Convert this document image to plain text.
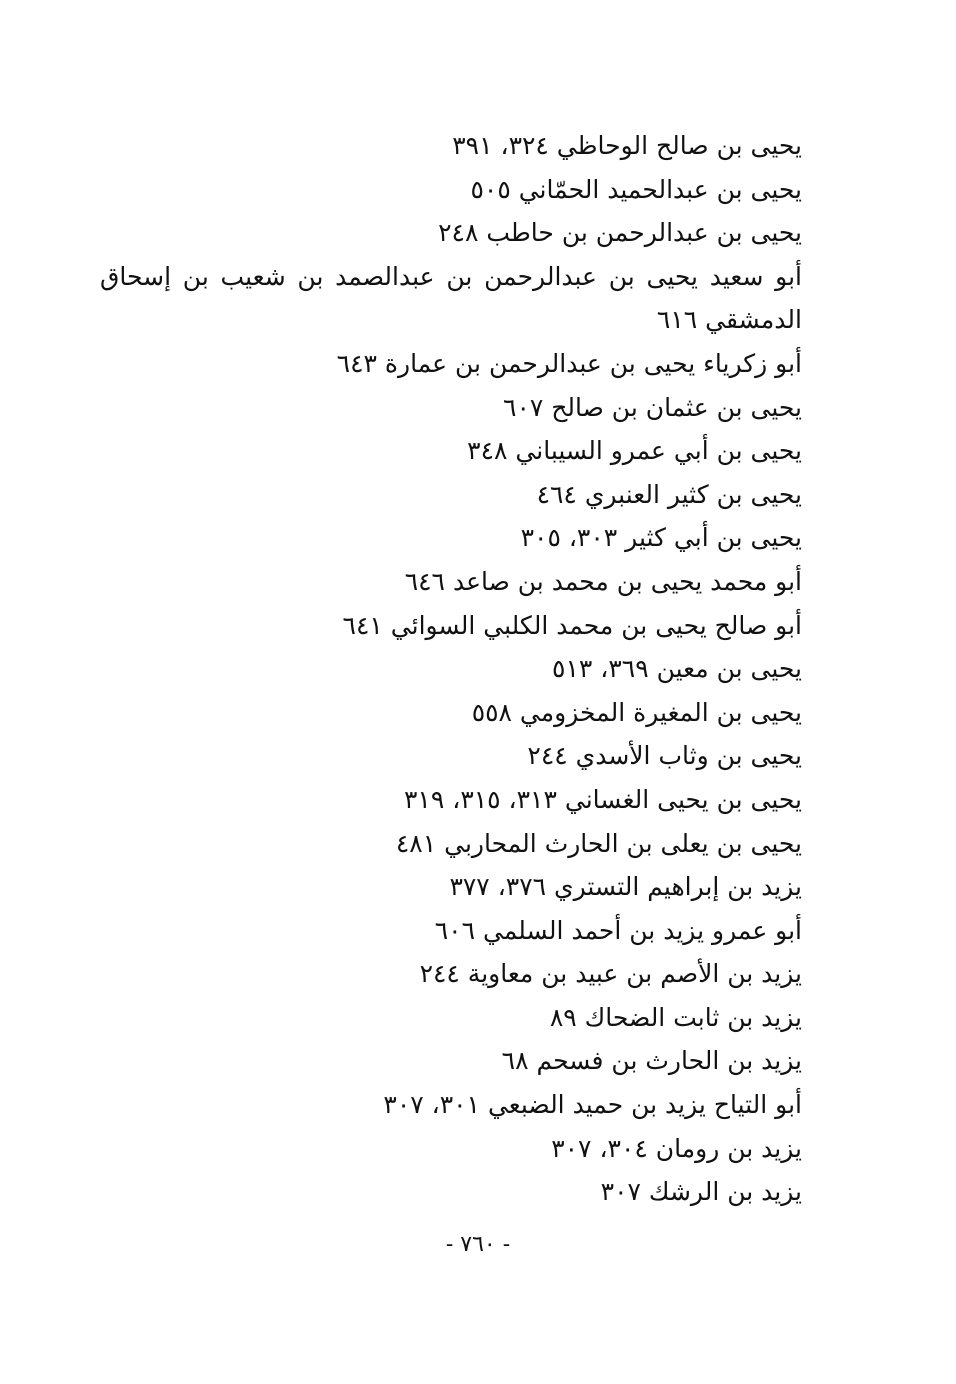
يحيى بن صالح الوحاظي ٣٢٤، ٣٩١
يحيى بن عبدالحميد الحمّاني ٥٠٥
يحيى بن عبدالرحمن بن حاطب ٢٤٨
أبو سعيد يحيى بن عبدالرحمن بن عبدالصمد بن شعيب بن إسحاق
الدمشقي ٦١٦
أبو زكرياء يحيى بن عبدالرحمن بن عمارة ٦٤٣
يحيى بن عثمان بن صالح ٦٠٧
يحيى بن أبي عمرو السيباني ٣٤٨
يحيى بن كثير العنبري ٤٦٤
يحيى بن أبي كثير ٣٠٣، ٣٠٥
أبو محمد يحيى بن محمد بن صاعد ٦٤٦
أبو صالح يحيى بن محمد الكلبي السوائي ٦٤١
يحيى بن معين ٣٦٩، ٥١٣
يحيى بن المغيرة المخزومي ٥٥٨
يحيى بن وثاب الأسدي ٢٤٤
يحيى بن يحيى الغساني ٣١٣، ٣١٥، ٣١٩
يحيى بن يعلى بن الحارث المحاربي ٤٨١
يزيد بن إبراهيم التستري ٣٧٦، ٣٧٧
أبو عمرو يزيد بن أحمد السلمي ٦٠٦
يزيد بن الأصم بن عبيد بن معاوية ٢٤٤
يزيد بن ثابت الضحاك ٨٩
يزيد بن الحارث بن فسحم ٦٨
أبو التياح يزيد بن حميد الضبعي ٣٠١، ٣٠٧
يزيد بن رومان ٣٠٤، ٣٠٧
يزيد بن الرشك ٣٠٧
- ٧٦٠ -
